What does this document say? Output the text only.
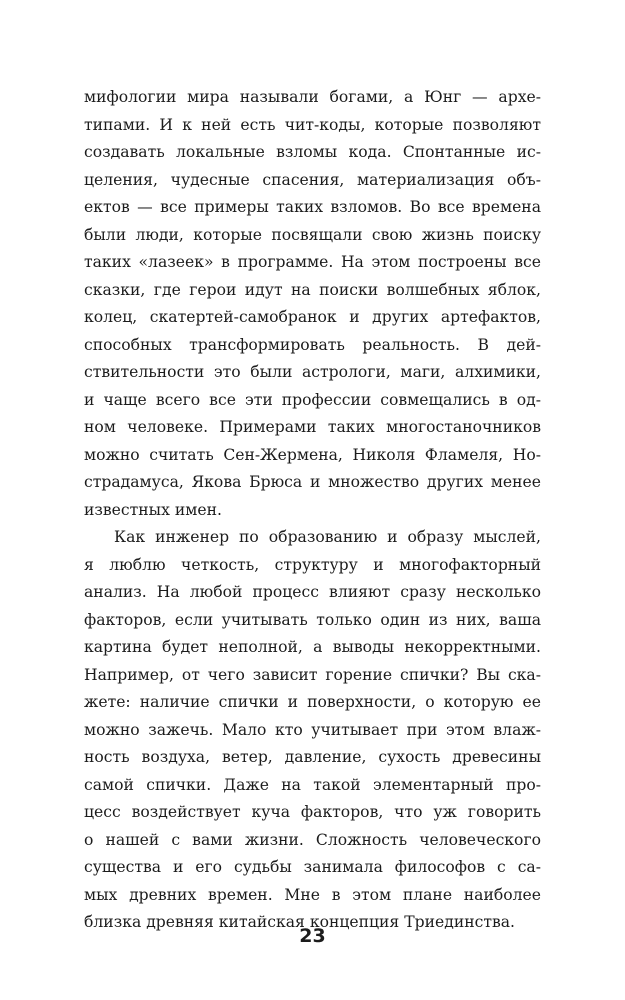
мифологии мира называли богами, а Юнг — архе-
типами. И к ней есть чит-коды, которые позволяют
создавать локальные взломы кода. Спонтанные ис-
целения, чудесные спасения, материализация объ-
ектов — все примеры таких взломов. Во все времена
были люди, которые посвящали свою жизнь поиску
таких «лазеек» в программе. На этом построены все
сказки, где герои идут на поиски волшебных яблок,
колец, скатертей-самобранок и других артефактов,
способных трансформировать реальность. В дей-
ствительности это были астрологи, маги, алхимики,
и чаще всего все эти профессии совмещались в од-
ном человеке. Примерами таких многостаночников
можно считать Сен-Жермена, Николя Фламеля, Но-
страдамуса, Якова Брюса и множество других менее
известных имен.
Как инженер по образованию и образу мыслей,
я люблю четкость, структуру и многофакторный
анализ. На любой процесс влияют сразу несколько
факторов, если учитывать только один из них, ваша
картина будет неполной, а выводы некорректными.
Например, от чего зависит горение спички? Вы ска-
жете: наличие спички и поверхности, о которую ее
можно зажечь. Мало кто учитывает при этом влаж-
ность воздуха, ветер, давление, сухость древесины
самой спички. Даже на такой элементарный про-
цесс воздействует куча факторов, что уж говорить
о нашей с вами жизни. Сложность человеческого
существа и его судьбы занимала философов с са-
мых древних времен. Мне в этом плане наиболее
близка древняя китайская концепция Триединства.
23
